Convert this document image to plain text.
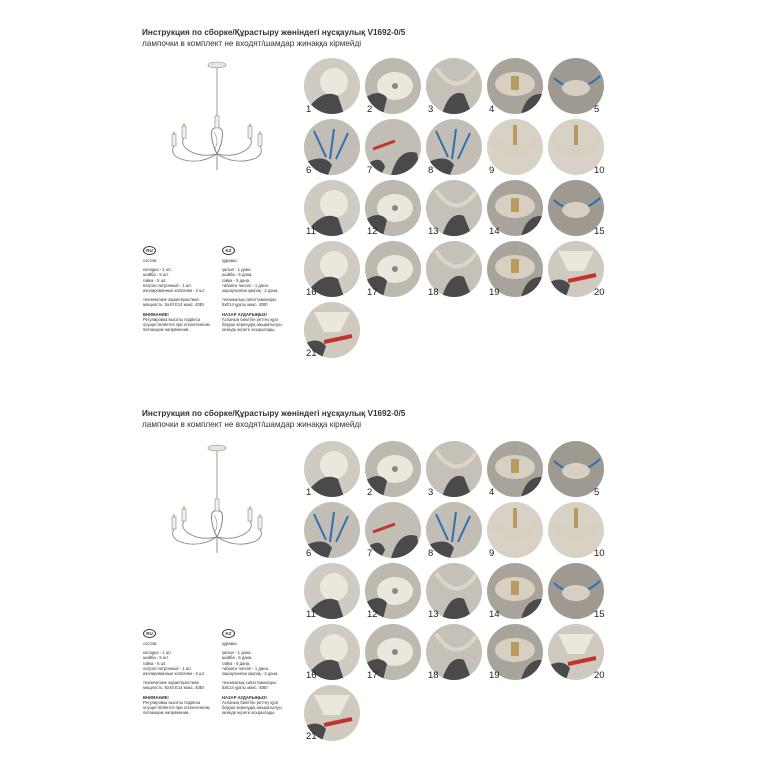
Инструкция по сборке/Құрастыру жөніндегі нұсқаулық V1692-0/5
лампочки в комплект не входят/шамдар жинаққа кірмейді
RU
состав:
колодка - 1 шт.
шайба - 5 шт.
гайка - 5 шт.
патрон патронный - 1 шт.
изолированные колпачки - 2 шт.
технические характеристики:
мощность: 5x40 E14 макс. 40Вт
ВНИМАНИЕ!
Регулировка высоты подвеса
осуществляется при отключенном
питающем напряжении.
KZ
құрамы:
қалып - 1 дана.
шайба - 5 дана.
гайка - 5 дана.
табанға тиесілі - 1 дана.
оқшауланған қақпақ - 2 дана.
техникалық сипаттамалары:
5xE14 қуаты макс. 40Вт
НАЗАР АУДАРЫҢЫЗ!
Аспаның биіктігін реттеу қуат
беруші кернеудің ажыратылуы
кезінде жүзеге асырылады.
1	2	3	4	5
6	7	8	9	10
11	12	13	14	15
16	17	18	19	20
21
Инструкция по сборке/Құрастыру жөніндегі нұсқаулық V1692-0/5
лампочки в комплект не входят/шамдар жинаққа кірмейді
RU
состав:
колодка - 1 шт.
шайба - 5 шт.
гайка - 5 шт.
патрон патронный - 1 шт.
изолированные колпачки - 2 шт.
технические характеристики:
мощность: 5x40 E14 макс. 40Вт
ВНИМАНИЕ!
Регулировка высоты подвеса
осуществляется при отключенном
питающем напряжении.
KZ
құрамы:
қалып - 1 дана.
шайба - 5 дана.
гайка - 5 дана.
табанға тиесілі - 1 дана.
оқшауланған қақпақ - 2 дана.
техникалық сипаттамалары:
5xE14 қуаты макс. 40Вт
НАЗАР АУДАРЫҢЫЗ!
Аспаның биіктігін реттеу қуат
беруші кернеудің ажыратылуы
кезінде жүзеге асырылады.
1	2	3	4	5
6	7	8	9	10
11	12	13	14	15
16	17	18	19	20
21
